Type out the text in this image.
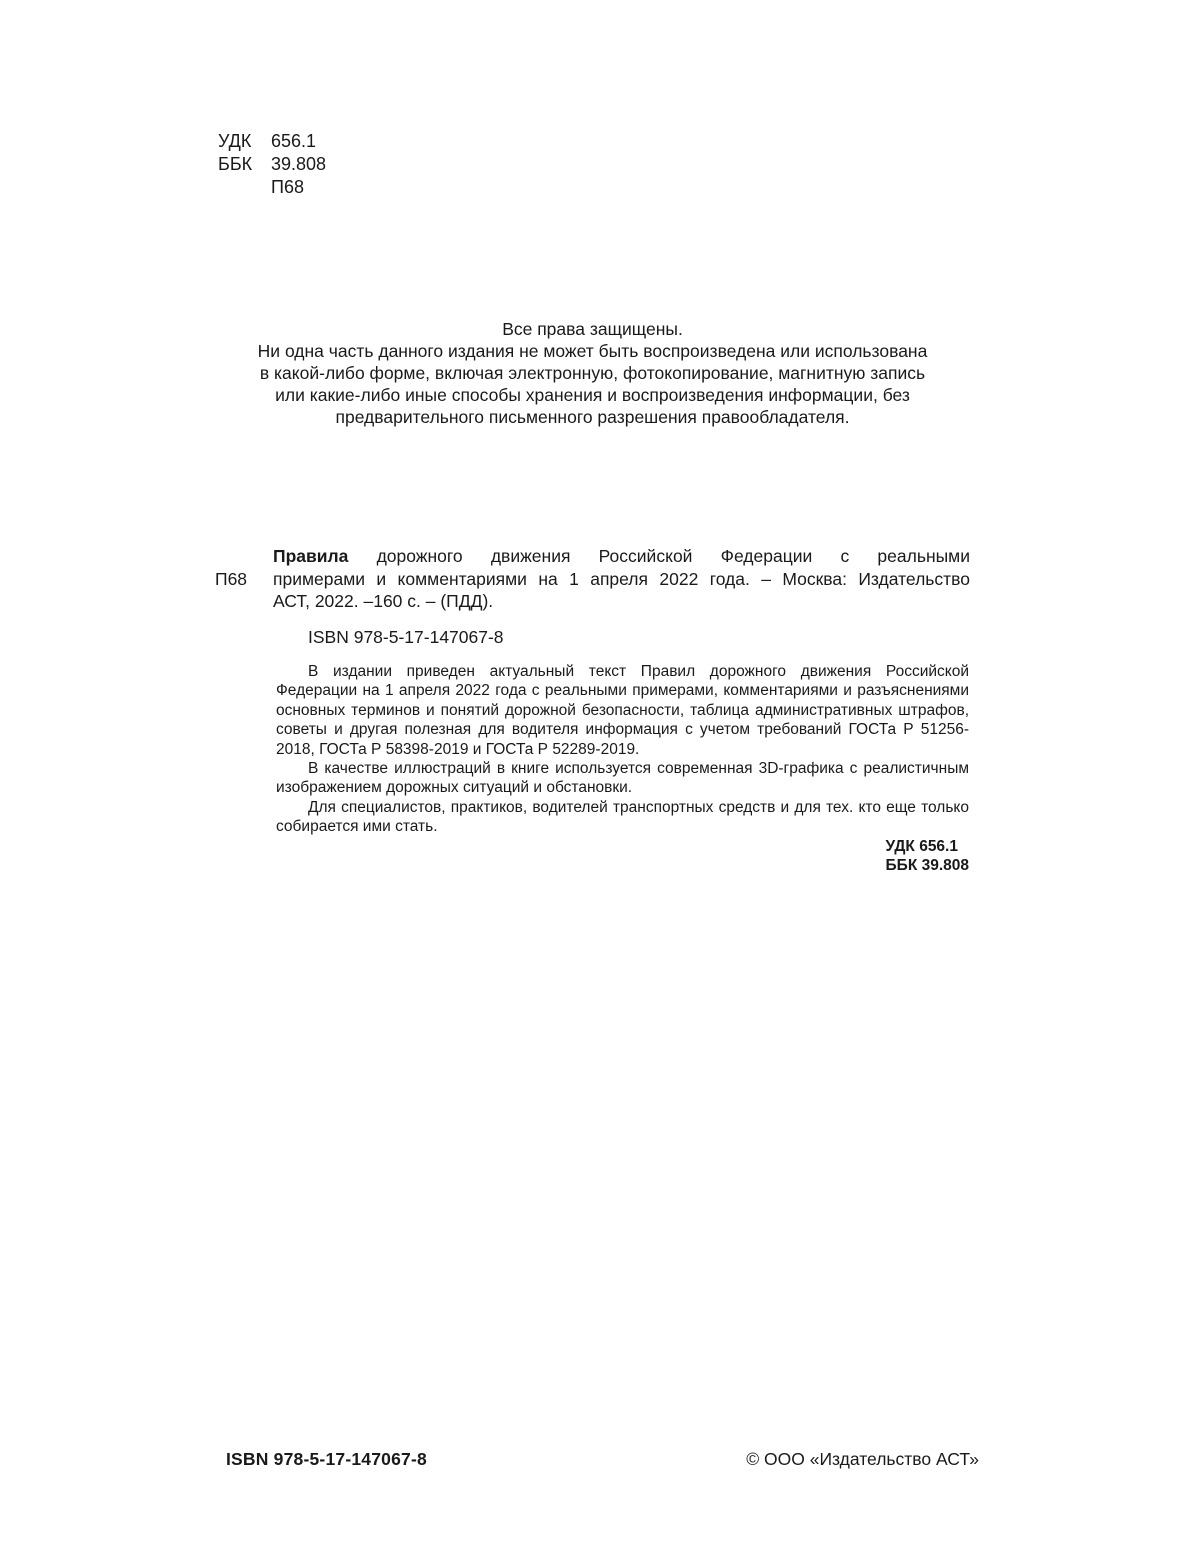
УДК	656.1
ББК	39.808
П68
Все права защищены.
Ни одна часть данного издания не может быть воспроизведена или использована
в какой-либо форме, включая электронную, фотокопирование, магнитную запись
или какие-либо иные способы хранения и воспроизведения информации, без
предварительного письменного разрешения правообладателя.
Правила дорожного движения Российской Федерации с реальными
П68	примерами и комментариями на 1 апреля 2022 года. – Москва: Издательство
АСТ, 2022. –160 с. – (ПДД).
ISBN 978-5-17-147067-8

В издании приведен актуальный текст Правил дорожного движения Российской Федерации на 1 апреля 2022 года с реальными примерами, комментариями и разъяснениями основных терминов и понятий дорожной безопасности, таблица административных штрафов, советы и другая полезная для водителя информация с учетом требований ГОСТа Р 51256-2018, ГОСТа Р 58398-2019 и ГОСТа Р 52289-2019.

В качестве иллюстраций в книге используется современная 3D-графика с реалистичным изображением дорожных ситуаций и обстановки.

Для специалистов, практиков, водителей транспортных средств и для тех. кто еще только собирается ими стать.

УДК 656.1
ББК 39.808
ISBN 978-5-17-147067-8	© ООО «Издательство АСТ»
